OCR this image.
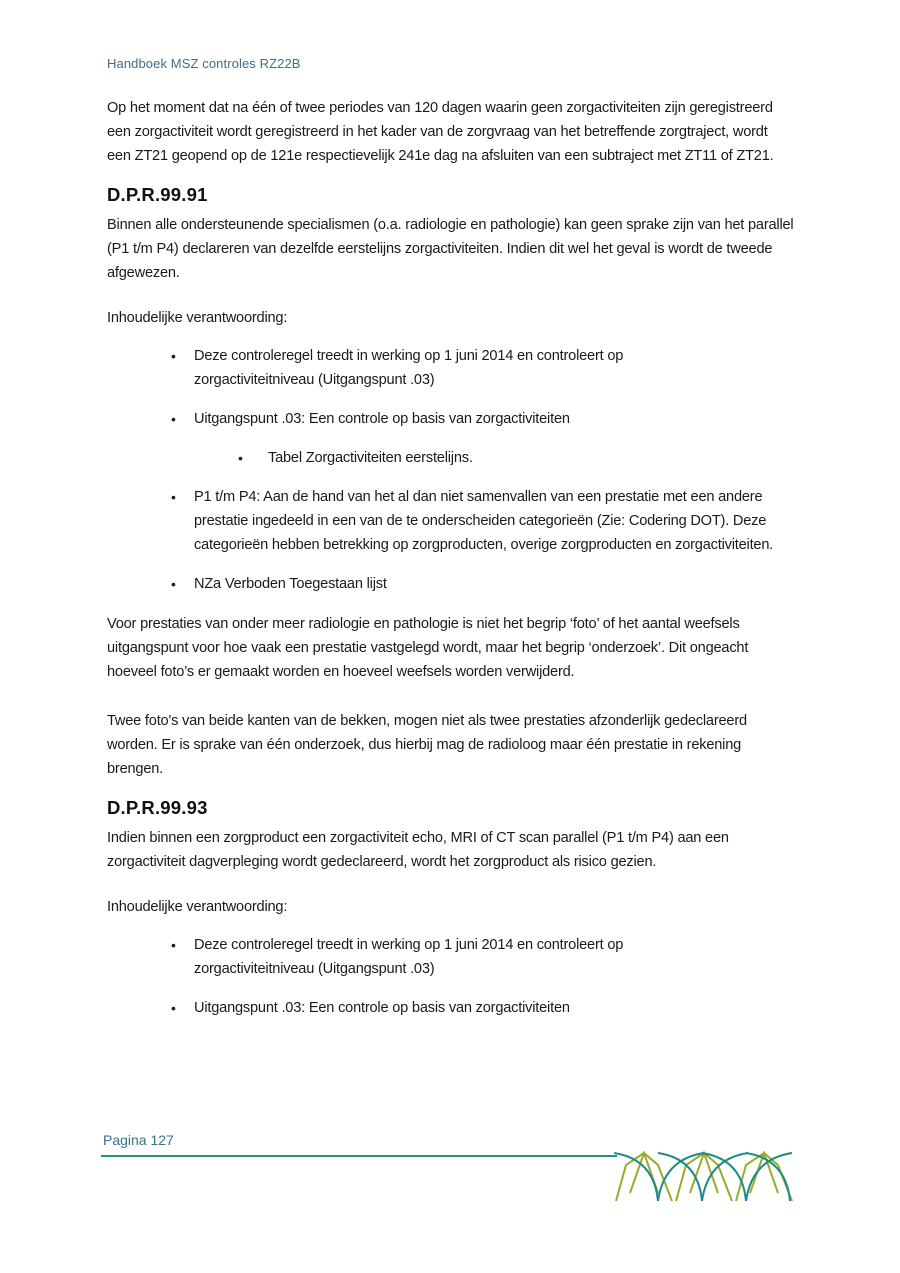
Handboek MSZ controles RZ22B

Op het moment dat na één of twee periodes van 120 dagen waarin geen zorgactiviteiten zijn geregistreerd een zorgactiviteit wordt geregistreerd in het kader van de zorgvraag van het betreffende zorgtraject, wordt een ZT21 geopend op de 121e respectievelijk 241e dag na afsluiten van een subtraject met ZT11 of ZT21.

D.P.R.99.91

Binnen alle ondersteunende specialismen (o.a. radiologie en pathologie) kan geen sprake zijn van het parallel (P1 t/m P4) declareren van dezelfde eerstelijns zorgactiviteiten. Indien dit wel het geval is wordt de tweede afgewezen.

Inhoudelijke verantwoording:

• Deze controleregel treedt in werking op 1 juni 2014 en controleert op zorgactiviteitniveau (Uitgangspunt .03)
• Uitgangspunt .03: Een controle op basis van zorgactiviteiten
• Tabel Zorgactiviteiten eerstelijns.
• P1 t/m P4: Aan de hand van het al dan niet samenvallen van een prestatie met een andere prestatie ingedeeld in een van de te onderscheiden categorieën (Zie: Codering DOT). Deze categorieën hebben betrekking op zorgproducten, overige zorgproducten en zorgactiviteiten.
• NZa Verboden Toegestaan lijst

Voor prestaties van onder meer radiologie en pathologie is niet het begrip ‘foto’ of het aantal weefsels uitgangspunt voor hoe vaak een prestatie vastgelegd wordt, maar het begrip ‘onderzoek’. Dit ongeacht hoeveel foto’s er gemaakt worden en hoeveel weefsels worden verwijderd.

Twee foto's van beide kanten van de bekken, mogen niet als twee prestaties afzonderlijk gedeclareerd worden. Er is sprake van één onderzoek, dus hierbij mag de radioloog maar één prestatie in rekening brengen.

D.P.R.99.93

Indien binnen een zorgproduct een zorgactiviteit echo, MRI of CT scan parallel (P1 t/m P4) aan een zorgactiviteit dagverpleging wordt gedeclareerd, wordt het zorgproduct als risico gezien.

Inhoudelijke verantwoording:

• Deze controleregel treedt in werking op 1 juni 2014 en controleert op zorgactiviteitniveau (Uitgangspunt .03)
• Uitgangspunt .03: Een controle op basis van zorgactiviteiten
Pagina 127
